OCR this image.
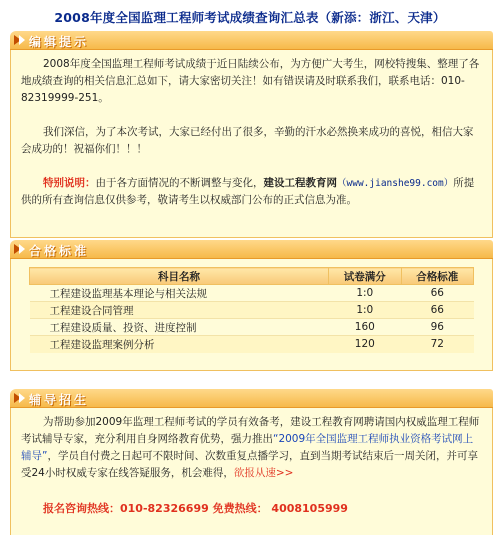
2008年度全国监理工程师考试成绩查询汇总表（新添：浙江、天津）
编辑提示

2008年度全国监理工程师考试成绩于近日陆续公布，为方便广大考生，网校特搜集、整理了各地成绩查询的相关信息汇总如下，请大家密切关注！如有错误请及时联系我们，联系电话：010-82319999-251。

我们深信，为了本次考试，大家已经付出了很多，辛勤的汗水必然换来成功的喜悦，相信大家会成功的！祝福你们！！！

特别说明：由于各方面情况的不断调整与变化，建设工程教育网（www.jianshe99.com）所提供的所有查询信息仅供参考，敬请考生以权威部门公布的正式信息为准。

合格标准
科目名称	试卷满分	合格标准
工程建设监理基本理论与相关法规	1:0	66
工程建设合同管理	1:0	66
工程建设质量、投资、进度控制	160	96
工程建设监理案例分析	120	72
辅导招生

为帮助参加2009年监理工程师考试的学员有效备考，建设工程教育网聘请国内权威监理工程师考试辅导专家，充分利用自身网络教育优势，强力推出“2009年全国监理工程师执业资格考试网上辅导”，学员自付费之日起可不限时间、次数重复点播学习，直到当期考试结束后一周关闭，并可享受24小时权威专家在线答疑服务，机会难得，欲报从速>>

报名咨询热线：010-82326699 免费热线： 4008105999
